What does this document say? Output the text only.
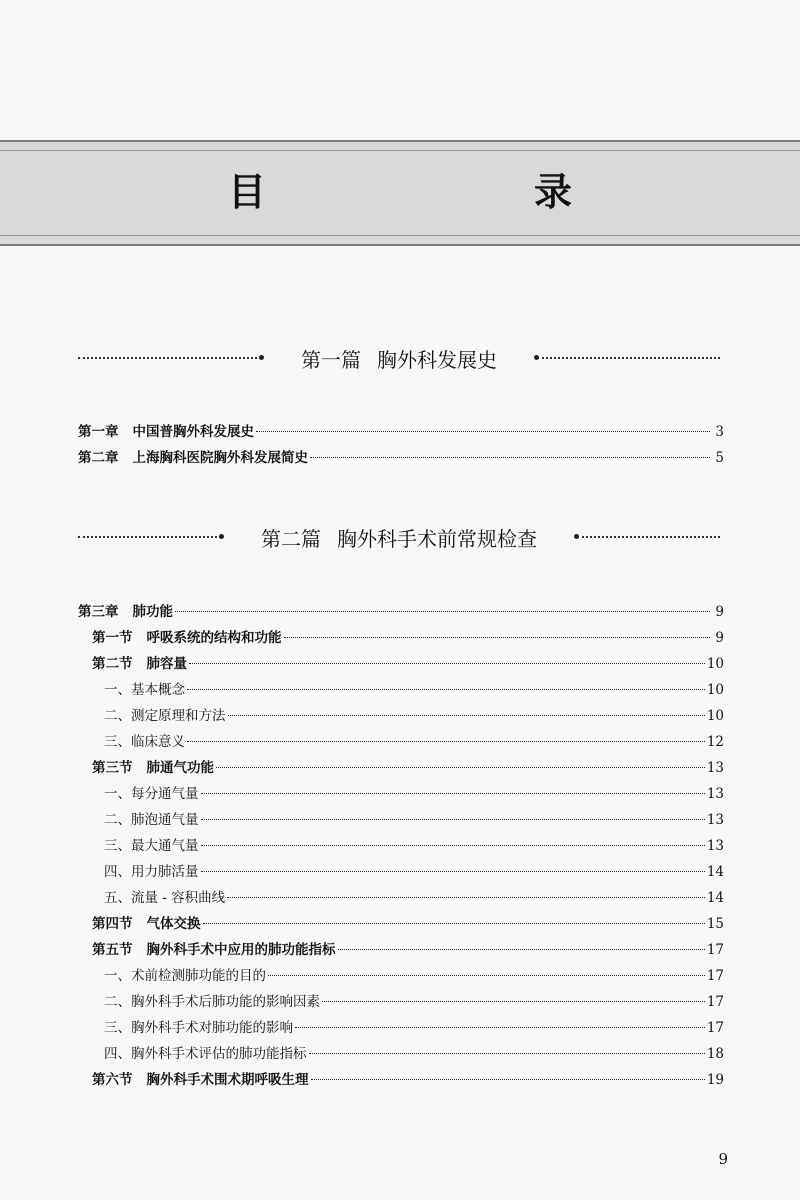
目　　录
第一篇 胸外科发展史
第一章 中国普胸外科发展史	3
第二章 上海胸科医院胸外科发展简史	5
第二篇 胸外科手术前常规检查
第三章 肺功能	9
第一节 呼吸系统的结构和功能	9
第二节 肺容量	10
一、基本概念	10
二、测定原理和方法	10
三、临床意义	12
第三节 肺通气功能	13
一、每分通气量	13
二、肺泡通气量	13
三、最大通气量	13
四、用力肺活量	14
五、流量 - 容积曲线	14
第四节 气体交换	15
第五节 胸外科手术中应用的肺功能指标	17
一、术前检测肺功能的目的	17
二、胸外科手术后肺功能的影响因素	17
三、胸外科手术对肺功能的影响	17
四、胸外科手术评估的肺功能指标	18
第六节 胸外科手术围术期呼吸生理	19
9
